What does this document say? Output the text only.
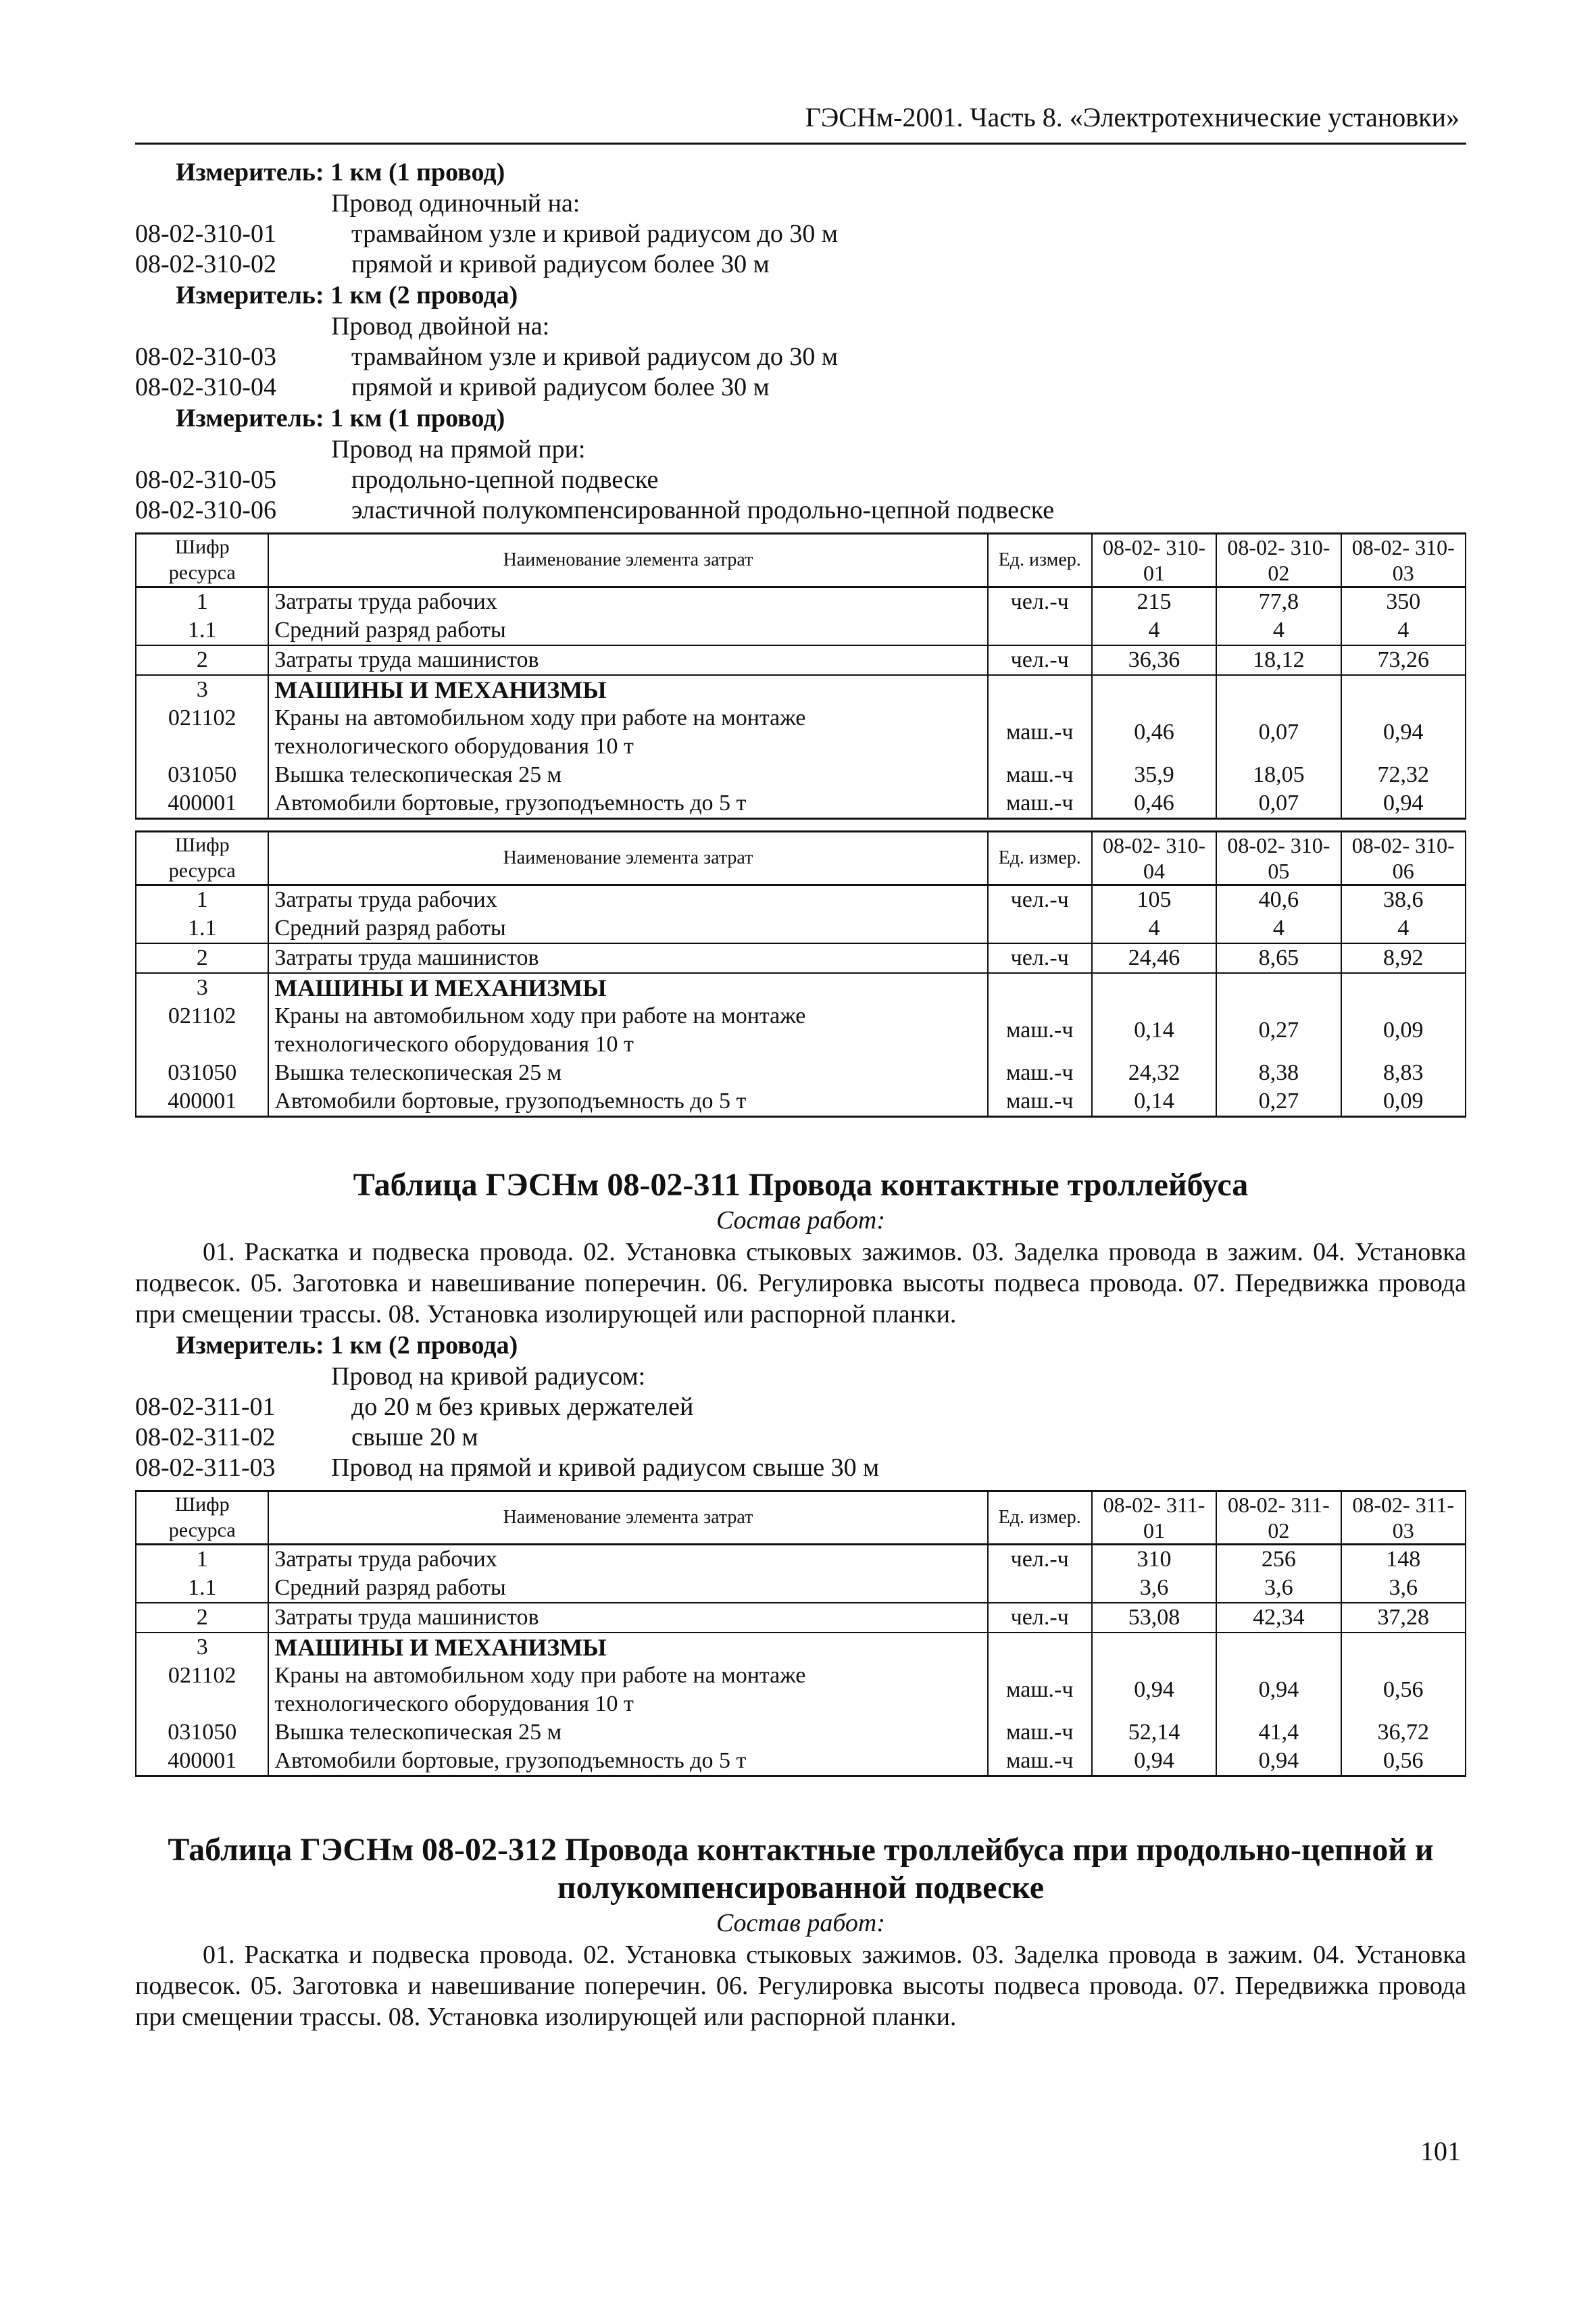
ГЭСНм-2001. Часть 8. «Электротехнические установки»
Измеритель: 1 км (1 провод)
Провод одиночный на:
08-02-310-01	трамвайном узле и кривой радиусом до 30 м
08-02-310-02	прямой и кривой радиусом более 30 м
Измеритель: 1 км (2 провода)
Провод двойной на:
08-02-310-03	трамвайном узле и кривой радиусом до 30 м
08-02-310-04	прямой и кривой радиусом более 30 м
Измеритель: 1 км (1 провод)
Провод на прямой при:
08-02-310-05	продольно-цепной подвеске
08-02-310-06	эластичной полукомпенсированной продольно-цепной подвеске
Шифр ресурса	Наименование элемента затрат	Ед. измер.	08-02- 310-01	08-02- 310-02	08-02- 310-03
1	Затраты труда рабочих	чел.-ч	215	77,8	350
1.1	Средний разряд работы		4	4	4
2	Затраты труда машинистов	чел.-ч	36,36	18,12	73,26
3	МАШИНЫ И МЕХАНИЗМЫ				
021102	Краны на автомобильном ходу при работе на монтаже технологического оборудования 10 т	маш.-ч	0,46	0,07	0,94
031050	Вышка телескопическая 25 м	маш.-ч	35,9	18,05	72,32
400001	Автомобили бортовые, грузоподъемность до 5 т	маш.-ч	0,46	0,07	0,94
Шифр ресурса	Наименование элемента затрат	Ед. измер.	08-02- 310-04	08-02- 310-05	08-02- 310-06
1	Затраты труда рабочих	чел.-ч	105	40,6	38,6
1.1	Средний разряд работы		4	4	4
2	Затраты труда машинистов	чел.-ч	24,46	8,65	8,92
3	МАШИНЫ И МЕХАНИЗМЫ				
021102	Краны на автомобильном ходу при работе на монтаже технологического оборудования 10 т	маш.-ч	0,14	0,27	0,09
031050	Вышка телескопическая 25 м	маш.-ч	24,32	8,38	8,83
400001	Автомобили бортовые, грузоподъемность до 5 т	маш.-ч	0,14	0,27	0,09
Таблица ГЭСНм 08-02-311 Провода контактные троллейбуса
Состав работ:

01. Раскатка и подвеска провода. 02. Установка стыковых зажимов. 03. Заделка провода в зажим. 04. Установка подвесок. 05. Заготовка и навешивание поперечин. 06. Регулировка высоты подвеса провода. 07. Передвижка провода при смещении трассы. 08. Установка изолирующей или распорной планки.

Измеритель: 1 км (2 провода)
Провод на кривой радиусом:
08-02-311-01	до 20 м без кривых держателей
08-02-311-02	свыше 20 м
08-02-311-03	Провод на прямой и кривой радиусом свыше 30 м
Шифр ресурса	Наименование элемента затрат	Ед. измер.	08-02- 311-01	08-02- 311-02	08-02- 311-03
1	Затраты труда рабочих	чел.-ч	310	256	148
1.1	Средний разряд работы		3,6	3,6	3,6
2	Затраты труда машинистов	чел.-ч	53,08	42,34	37,28
3	МАШИНЫ И МЕХАНИЗМЫ				
021102	Краны на автомобильном ходу при работе на монтаже технологического оборудования 10 т	маш.-ч	0,94	0,94	0,56
031050	Вышка телескопическая 25 м	маш.-ч	52,14	41,4	36,72
400001	Автомобили бортовые, грузоподъемность до 5 т	маш.-ч	0,94	0,94	0,56
Таблица ГЭСНм 08-02-312 Провода контактные троллейбуса при продольно-цепной и полукомпенсированной подвеске
Состав работ:

01. Раскатка и подвеска провода. 02. Установка стыковых зажимов. 03. Заделка провода в зажим. 04. Установка подвесок. 05. Заготовка и навешивание поперечин. 06. Регулировка высоты подвеса провода. 07. Передвижка провода при смещении трассы. 08. Установка изолирующей или распорной планки.

101
